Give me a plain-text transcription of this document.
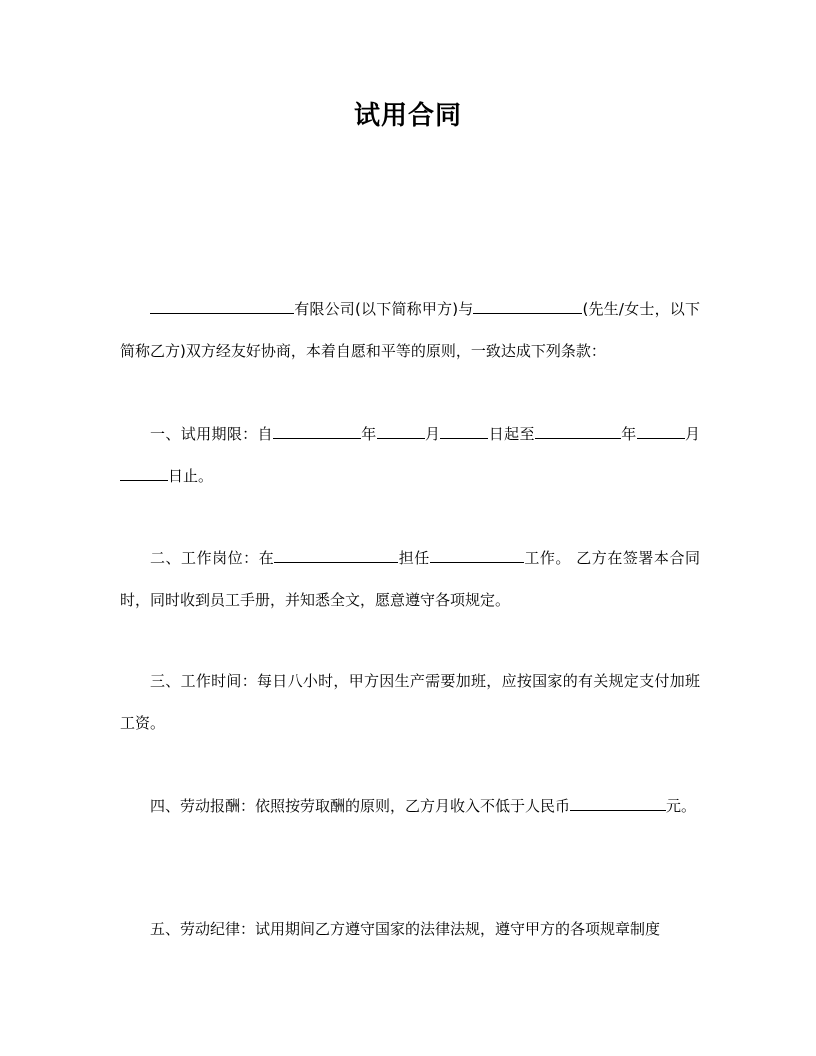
试用合同
有限公司(以下简称甲方)与	(先生/女士，以下简称乙方)双方经友好协商，本着自愿和平等的原则，一致达成下列条款：
一、试用期限：自	年	月	日起至	年	月日止。
二、工作岗位：在	担任	工作。 乙方在签署本合同时，同时收到员工手册，并知悉全文，愿意遵守各项规定。
三、工作时间：每日八小时，甲方因生产需要加班，应按国家的有关规定支付加班工资。
四、劳动报酬：依照按劳取酬的原则，乙方月收入不低于人民币	元。
五、劳动纪律：试用期间乙方遵守国家的法律法规，遵守甲方的各项规章制度
